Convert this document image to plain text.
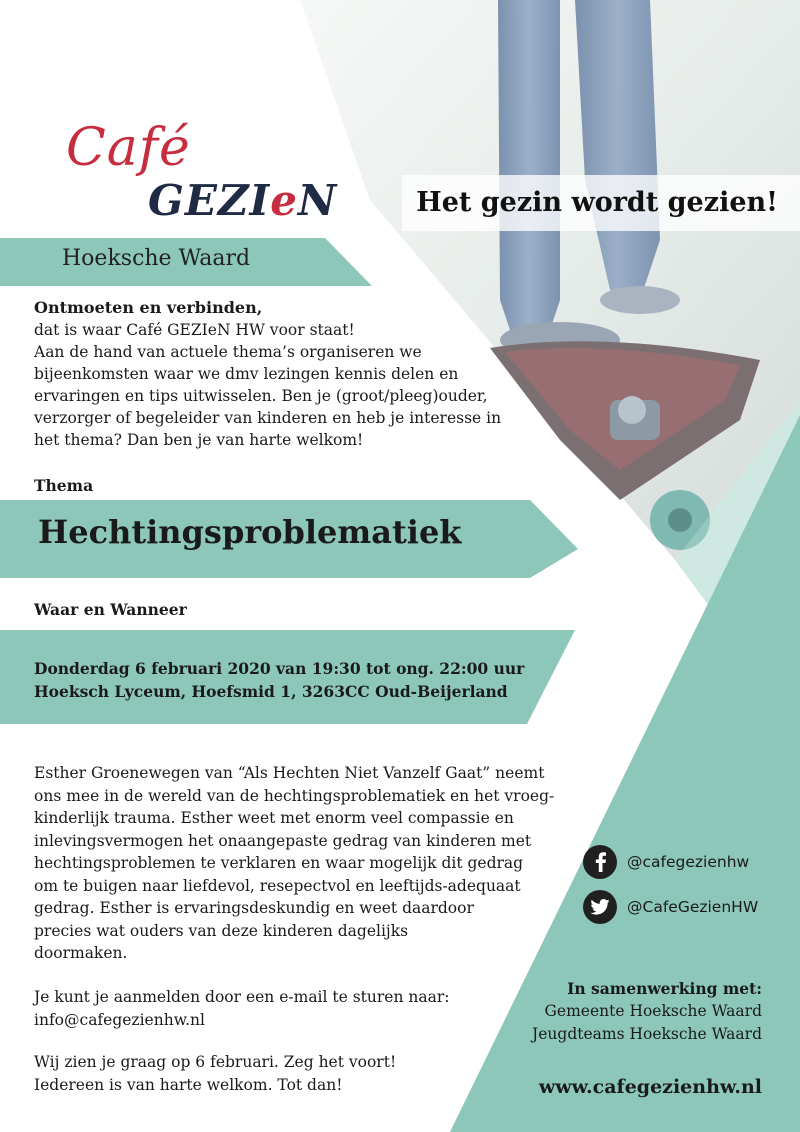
Café
GEZIeN	Het gezin wordt gezien!
Hoeksche Waard
Ontmoeten en verbinden,
dat is waar Café GEZIeN HW voor staat!
Aan de hand van actuele thema’s organiseren we
bijeenkomsten waar we dmv lezingen kennis delen en
ervaringen en tips uitwisselen. Ben je (groot/pleeg)ouder,
verzorger of begeleider van kinderen en heb je interesse in
het thema? Dan ben je van harte welkom!
Thema
Hechtingsproblematiek
Waar en Wanneer
Donderdag 6 februari 2020 van 19:30 tot ong. 22:00 uur
Hoeksch Lyceum, Hoefsmid 1, 3263CC Oud-Beijerland
Esther Groenewegen van “Als Hechten Niet Vanzelf Gaat” neemt
ons mee in de wereld van de hechtingsproblematiek en het vroeg-
kinderlijk trauma. Esther weet met enorm veel compassie en
inlevingsvermogen het onaangepaste gedrag van kinderen met
hechtingsproblemen te verklaren en waar mogelijk dit gedrag
om te buigen naar liefdevol, resepectvol en leeftijds-adequaat
gedrag. Esther is ervaringsdeskundig en weet daardoor
precies wat ouders van deze kinderen dagelijks
doormaken.
Je kunt je aanmelden door een e-mail te sturen naar:
info@cafegezienhw.nl
Wij zien je graag op 6 februari. Zeg het voort!
Iedereen is van harte welkom. Tot dan!
@cafegezienhw
@CafeGezienHW
In samenwerking met:
Gemeente Hoeksche Waard
Jeugdteams Hoeksche Waard
www.cafegezienhw.nl
